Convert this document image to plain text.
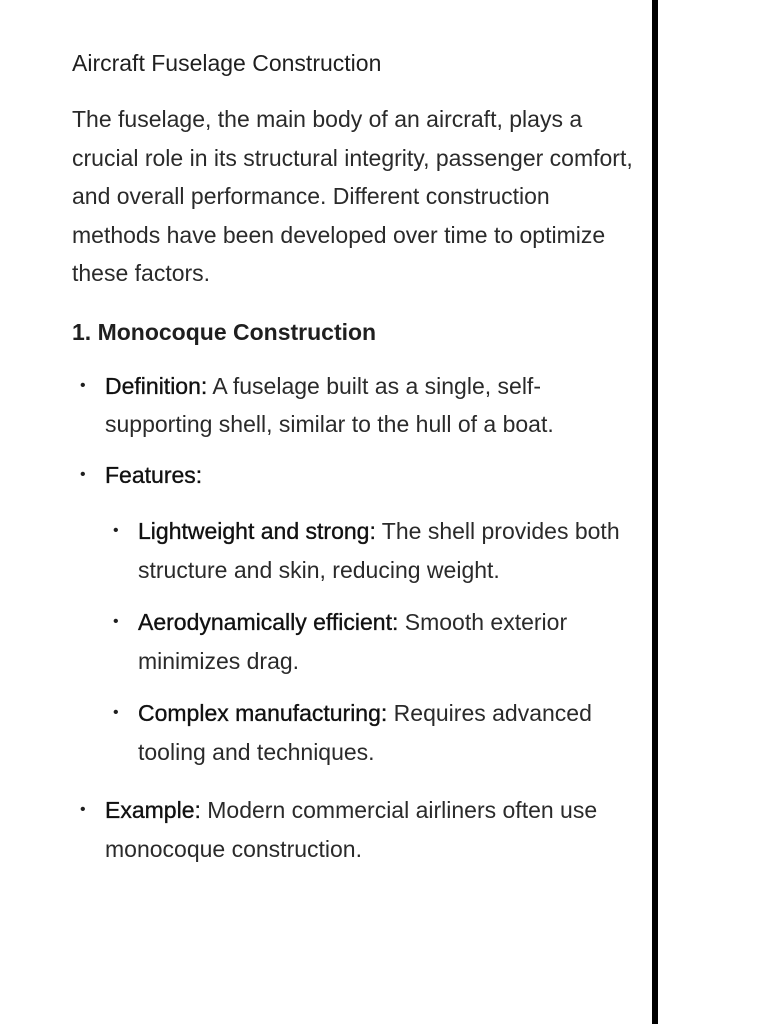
Aircraft Fuselage Construction

The fuselage, the main body of an aircraft, plays a crucial role in its structural integrity, passenger comfort, and overall performance. Different construction methods have been developed over time to optimize these factors.

1. Monocoque Construction
• Definition: A fuselage built as a single, self-supporting shell, similar to the hull of a boat.
• Features:
• Lightweight and strong: The shell provides both structure and skin, reducing weight.
• Aerodynamically efficient: Smooth exterior minimizes drag.
• Complex manufacturing: Requires advanced tooling and techniques.
• Example: Modern commercial airliners often use monocoque construction.
